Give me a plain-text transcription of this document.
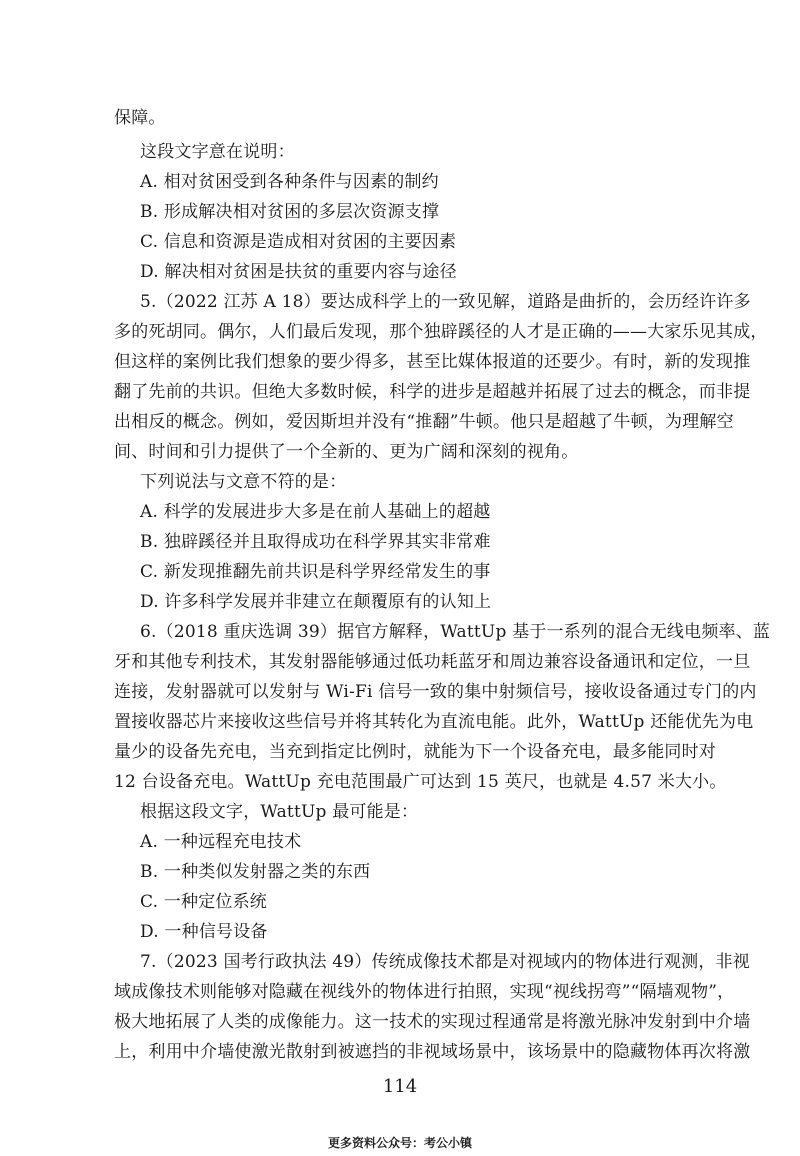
保障。
这段文字意在说明：
A. 相对贫困受到各种条件与因素的制约
B. 形成解决相对贫困的多层次资源支撑
C. 信息和资源是造成相对贫困的主要因素
D. 解决相对贫困是扶贫的重要内容与途径
5.（2022 江苏 A 18）要达成科学上的一致见解，道路是曲折的，会历经许许多
多的死胡同。偶尔，人们最后发现，那个独辟蹊径的人才是正确的——大家乐见其成，
但这样的案例比我们想象的要少得多，甚至比媒体报道的还要少。有时，新的发现推
翻了先前的共识。但绝大多数时候，科学的进步是超越并拓展了过去的概念，而非提
出相反的概念。例如，爱因斯坦并没有“推翻”牛顿。他只是超越了牛顿，为理解空
间、时间和引力提供了一个全新的、更为广阔和深刻的视角。
下列说法与文意不符的是：
A. 科学的发展进步大多是在前人基础上的超越
B. 独辟蹊径并且取得成功在科学界其实非常难
C. 新发现推翻先前共识是科学界经常发生的事
D. 许多科学发展并非建立在颠覆原有的认知上
6.（2018 重庆选调 39）据官方解释，WattUp 基于一系列的混合无线电频率、蓝
牙和其他专利技术，其发射器能够通过低功耗蓝牙和周边兼容设备通讯和定位，一旦
连接，发射器就可以发射与 Wi-Fi 信号一致的集中射频信号，接收设备通过专门的内
置接收器芯片来接收这些信号并将其转化为直流电能。此外，WattUp 还能优先为电
量少的设备先充电，当充到指定比例时，就能为下一个设备充电，最多能同时对
12 台设备充电。WattUp 充电范围最广可达到 15 英尺，也就是 4.57 米大小。
根据这段文字，WattUp 最可能是：
A. 一种远程充电技术
B. 一种类似发射器之类的东西
C. 一种定位系统
D. 一种信号设备
7.（2023 国考行政执法 49）传统成像技术都是对视域内的物体进行观测，非视
域成像技术则能够对隐藏在视线外的物体进行拍照，实现“视线拐弯”“隔墙观物”，
极大地拓展了人类的成像能力。这一技术的实现过程通常是将激光脉冲发射到中介墙
上，利用中介墙使激光散射到被遮挡的非视域场景中，该场景中的隐藏物体再次将激
114
更多资料公众号：考公小镇
